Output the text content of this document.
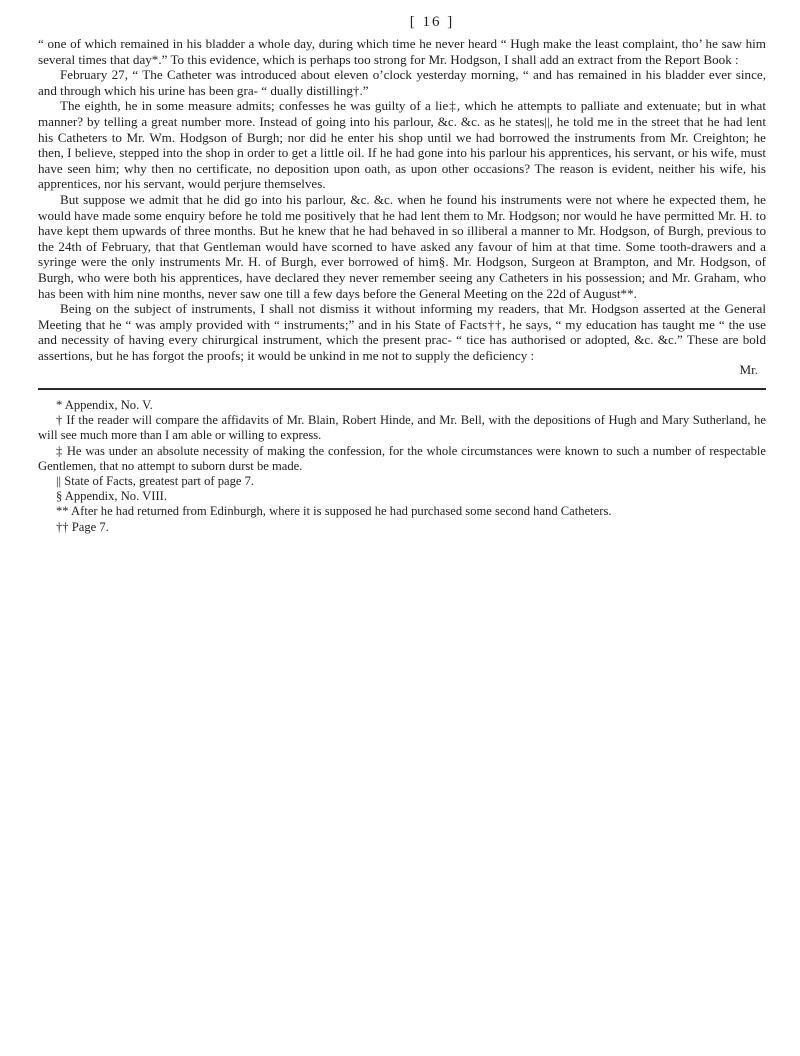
[ 16 ]

“ one of which remained in his bladder a whole day, during which time he never heard “ Hugh make the least complaint, tho’ he saw him several times that day*.” To this evidence, which is perhaps too strong for Mr. Hodgson, I shall add an extract from the Report Book :

February 27, “ The Catheter was introduced about eleven o’clock yesterday morning, “ and has remained in his bladder ever since, and through which his urine has been gra- “ dually distilling†.”

The eighth, he in some measure admits; confesses he was guilty of a lie‡, which he attempts to palliate and extenuate; but in what manner? by telling a great number more. Instead of going into his parlour, &c. &c. as he states||, he told me in the street that he had lent his Catheters to Mr. Wm. Hodgson of Burgh; nor did he enter his shop until we had borrowed the instruments from Mr. Creighton; he then, I believe, stepped into the shop in order to get a little oil. If he had gone into his parlour his apprentices, his servant, or his wife, must have seen him; why then no certificate, no deposition upon oath, as upon other occasions? The reason is evident, neither his wife, his apprentices, nor his servant, would perjure themselves.

But suppose we admit that he did go into his parlour, &c. &c. when he found his instruments were not where he expected them, he would have made some enquiry before he told me positively that he had lent them to Mr. Hodgson; nor would he have permitted Mr. H. to have kept them upwards of three months. But he knew that he had behaved in so illiberal a manner to Mr. Hodgson, of Burgh, previous to the 24th of February, that that Gentleman would have scorned to have asked any favour of him at that time. Some tooth-drawers and a syringe were the only instruments Mr. H. of Burgh, ever borrowed of him§. Mr. Hodgson, Surgeon at Brampton, and Mr. Hodgson, of Burgh, who were both his apprentices, have declared they never remember seeing any Catheters in his possession; and Mr. Graham, who has been with him nine months, never saw one till a few days before the General Meeting on the 22d of August**.

Being on the subject of instruments, I shall not dismiss it without informing my readers, that Mr. Hodgson asserted at the General Meeting that he “ was amply provided with “ instruments;” and in his State of Facts††, he says, “ my education has taught me “ the use and necessity of having every chirurgical instrument, which the present prac- “ tice has authorised or adopted, &c. &c.” These are bold assertions, but he has forgot the proofs; it would be unkind in me not to supply the deficiency :

Mr.

* Appendix, No. V.

† If the reader will compare the affidavits of Mr. Blain, Robert Hinde, and Mr. Bell, with the depositions of Hugh and Mary Sutherland, he will see much more than I am able or willing to express.

‡ He was under an absolute necessity of making the confession, for the whole circumstances were known to such a number of respectable Gentlemen, that no attempt to suborn durst be made.

|| State of Facts, greatest part of page 7.

§ Appendix, No. VIII.

** After he had returned from Edinburgh, where it is supposed he had purchased some second hand Catheters.

†† Page 7.
